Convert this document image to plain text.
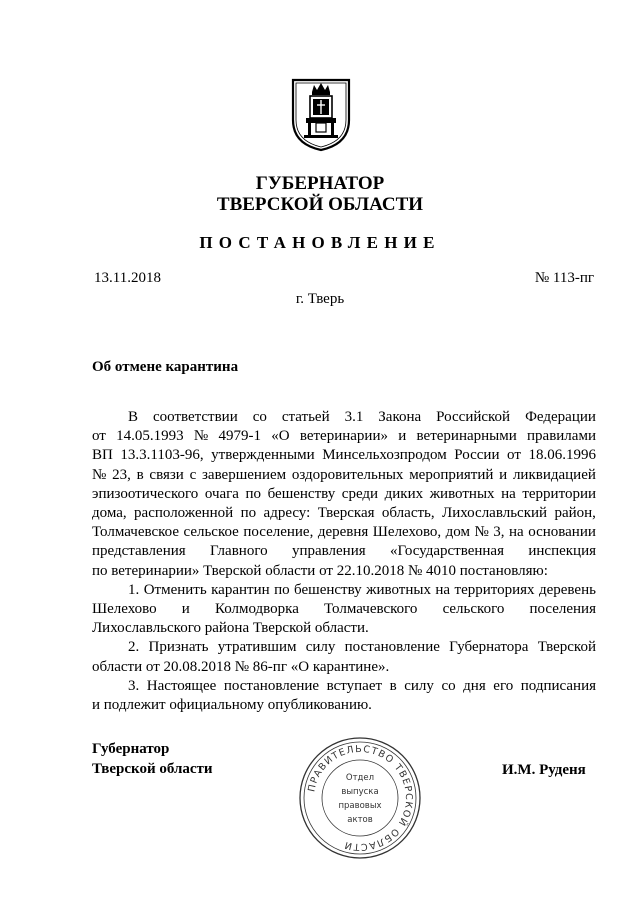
ГУБЕРНАТОР
ТВЕРСКОЙ ОБЛАСТИ
ПОСТАНОВЛЕНИЕ
13.11.2018	№ 113-пг
г. Тверь
Об отмене карантина
В соответствии со статьей 3.1 Закона Российской Федерации
от 14.05.1993 № 4979-1 «О ветеринарии» и ветеринарными правилами
ВП 13.3.1103-96, утвержденными Минсельхозпродом России от 18.06.1996
№ 23, в связи с завершением оздоровительных мероприятий и ликвидацией
эпизоотического очага по бешенству среди диких животных на территории
дома, расположенной по адресу: Тверская область, Лихославльский район,
Толмачевское сельское поселение, деревня Шелехово, дом № 3, на основании
представления Главного управления «Государственная инспекция
по ветеринарии» Тверской области от 22.10.2018 № 4010 постановляю:
1. Отменить карантин по бешенству животных на территориях деревень
Шелехово и Колмодворка Толмачевского сельского поселения
Лихославльского района Тверской области.
2. Признать утратившим силу постановление Губернатора Тверской
области от 20.08.2018 № 86-пг «О карантине».
3. Настоящее постановление вступает в силу со дня его подписания
и подлежит официальному опубликованию.
Губернатор
Тверской области	И.М. Руденя
ПРАВИТЕЛЬСТВО ТВЕРСКОЙ ОБЛАСТИ
Отдел
выпуска
правовых
актов
